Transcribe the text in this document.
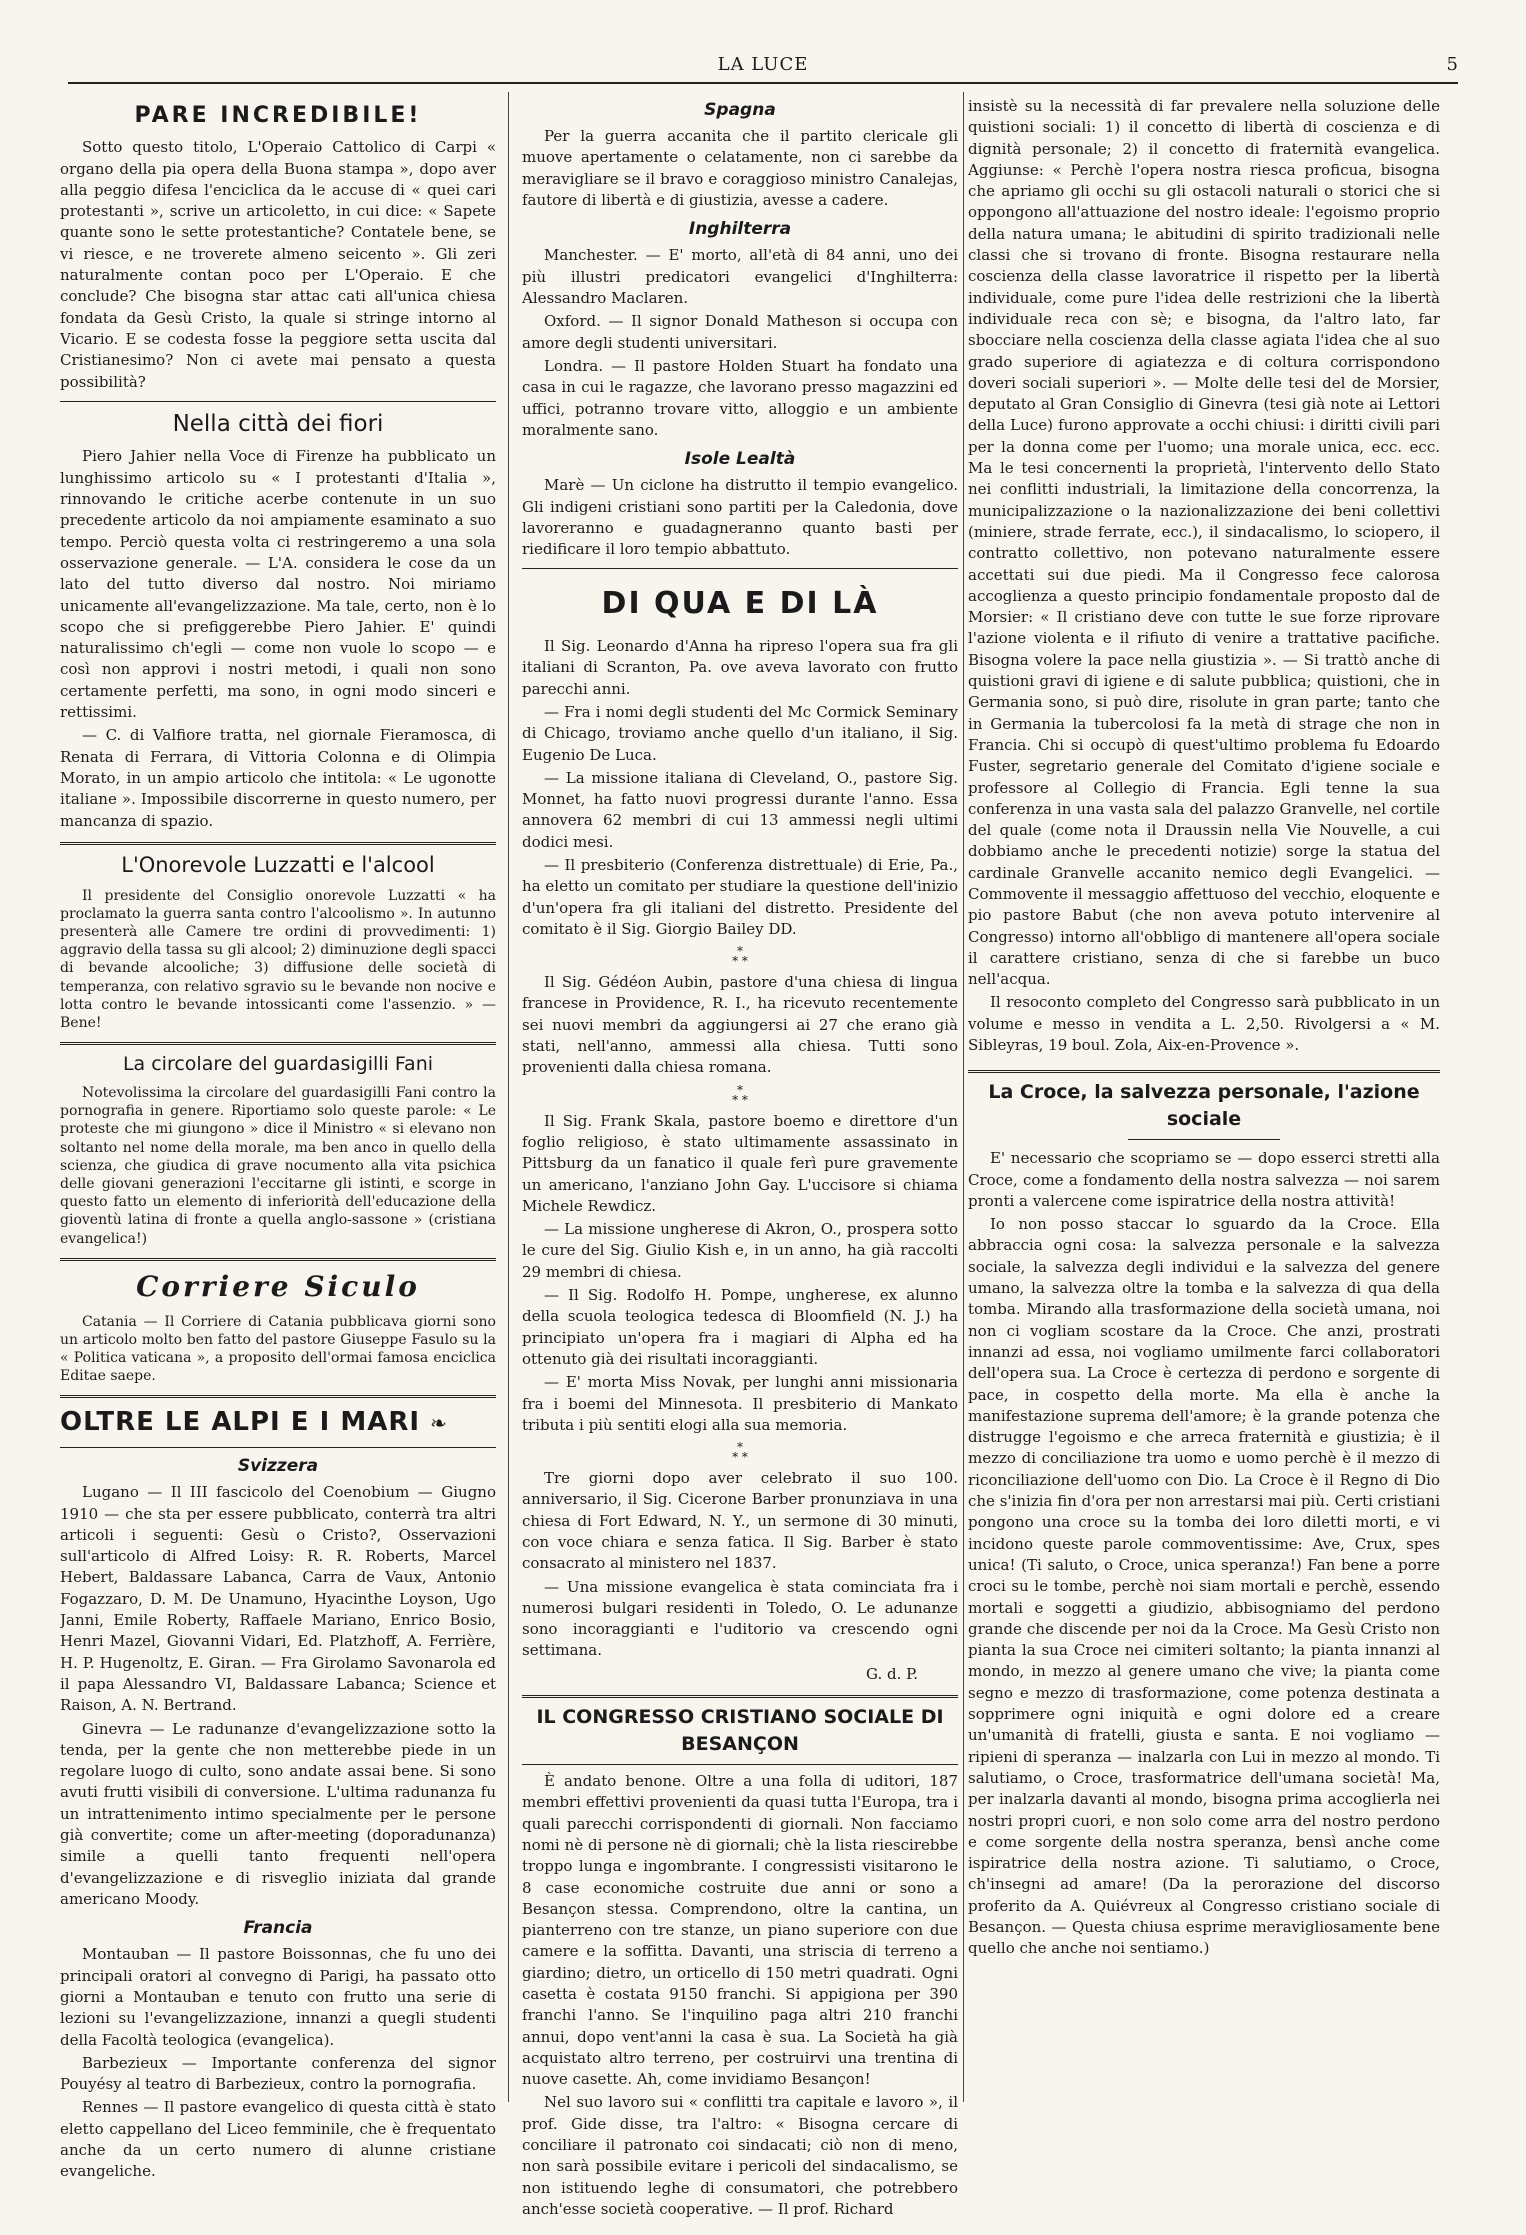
LA LUCE	5
PARE INCREDIBILE!

Sotto questo titolo, L'Operaio Cattolico di Carpi « organo della pia opera della Buona stampa », dopo aver alla peggio difesa l'enciclica da le accuse di « quei cari protestanti », scrive un articoletto, in cui dice: « Sapete quante sono le sette protestantiche? Contatele bene, se vi riesce, e ne troverete almeno seicento ». Gli zeri naturalmente contan poco per L'Operaio. E che conclude? Che bisogna star attac cati all'unica chiesa fondata da Gesù Cristo, la quale si stringe intorno al Vicario. E se codesta fosse la peggiore setta uscita dal Cristianesimo? Non ci avete mai pensato a questa possibilità?

Nella città dei fiori

Piero Jahier nella Voce di Firenze ha pubblicato un lunghissimo articolo su « I protestanti d'Italia », rinnovando le critiche acerbe contenute in un suo precedente articolo da noi ampiamente esaminato a suo tempo. Perciò questa volta ci restringeremo a una sola osservazione generale. — L'A. considera le cose da un lato del tutto diverso dal nostro. Noi miriamo unicamente all'evangelizzazione. Ma tale, certo, non è lo scopo che si prefiggerebbe Piero Jahier. E' quindi naturalissimo ch'egli — come non vuole lo scopo — e così non approvi i nostri metodi, i quali non sono certamente perfetti, ma sono, in ogni modo sinceri e rettissimi.

— C. di Valfiore tratta, nel giornale Fieramosca, di Renata di Ferrara, di Vittoria Colonna e di Olimpia Morato, in un ampio articolo che intitola: « Le ugonotte italiane ». Impossibile discorrerne in questo numero, per mancanza di spazio.

L'Onorevole Luzzatti e l'alcool

Il presidente del Consiglio onorevole Luzzatti « ha proclamato la guerra santa contro l'alcoolismo ». In autunno presenterà alle Camere tre ordini di provvedimenti: 1) aggravio della tassa su gli alcool; 2) diminuzione degli spacci di bevande alcooliche; 3) diffusione delle società di temperanza, con relativo sgravio su le bevande non nocive e lotta contro le bevande intossicanti come l'assenzio. » — Bene!

La circolare del guardasigilli Fani

Notevolissima la circolare del guardasigilli Fani contro la pornografia in genere. Riportiamo solo queste parole: « Le proteste che mi giungono » dice il Ministro « si elevano non soltanto nel nome della morale, ma ben anco in quello della scienza, che giudica di grave nocumento alla vita psichica delle giovani generazioni l'eccitarne gli istinti, e scorge in questo fatto un elemento di inferiorità dell'educazione della gioventù latina di fronte a quella anglo-sassone » (cristiana evangelica!)

Corriere Siculo

Catania — Il Corriere di Catania pubblicava giorni sono un articolo molto ben fatto del pastore Giuseppe Fasulo su la « Politica vaticana », a proposito dell'ormai famosa enciclica Editae saepe.

OLTRE LE ALPI E I MARI ❧
Svizzera

Lugano — Il III fascicolo del Coenobium — Giugno 1910 — che sta per essere pubblicato, conterrà tra altri articoli i seguenti: Gesù o Cristo?, Osservazioni sull'articolo di Alfred Loisy: R. R. Roberts, Marcel Hebert, Baldassare Labanca, Carra de Vaux, Antonio Fogazzaro, D. M. De Unamuno, Hyacinthe Loyson, Ugo Janni, Emile Roberty, Raffaele Mariano, Enrico Bosio, Henri Mazel, Giovanni Vidari, Ed. Platzhoff, A. Ferrière, H. P. Hugenoltz, E. Giran. — Fra Girolamo Savonarola ed il papa Alessandro VI, Baldassare Labanca; Science et Raison, A. N. Bertrand.

Ginevra — Le radunanze d'evangelizzazione sotto la tenda, per la gente che non metterebbe piede in un regolare luogo di culto, sono andate assai bene. Si sono avuti frutti visibili di conversione. L'ultima radunanza fu un intrattenimento intimo specialmente per le persone già convertite; come un after-meeting (doporadunanza) simile a quelli tanto frequenti nell'opera d'evangelizzazione e di risveglio iniziata dal grande americano Moody.

Francia

Montauban — Il pastore Boissonnas, che fu uno dei principali oratori al convegno di Parigi, ha passato otto giorni a Montauban e tenuto con frutto una serie di lezioni su l'evangelizzazione, innanzi a quegli studenti della Facoltà teologica (evangelica).

Barbezieux — Importante conferenza del signor Pouyésy al teatro di Barbezieux, contro la pornografia.

Rennes — Il pastore evangelico di questa città è stato eletto cappellano del Liceo femminile, che è frequentato anche da un certo numero di alunne cristiane evangeliche.

Spagna

Per la guerra accanita che il partito clericale gli muove apertamente o celatamente, non ci sarebbe da meravigliare se il bravo e coraggioso ministro Canalejas, fautore di libertà e di giustizia, avesse a cadere.

Inghilterra

Manchester. — E' morto, all'età di 84 anni, uno dei più illustri predicatori evangelici d'Inghilterra: Alessandro Maclaren.

Oxford. — Il signor Donald Matheson si occupa con amore degli studenti universitari.

Londra. — Il pastore Holden Stuart ha fondato una casa in cui le ragazze, che lavorano presso magazzini ed uffici, potranno trovare vitto, alloggio e un ambiente moralmente sano.

Isole Lealtà

Marè — Un ciclone ha distrutto il tempio evangelico. Gli indigeni cristiani sono partiti per la Caledonia, dove lavoreranno e guadagneranno quanto basti per riedificare il loro tempio abbattuto.

DI QUA E DI LÀ

Il Sig. Leonardo d'Anna ha ripreso l'opera sua fra gli italiani di Scranton, Pa. ove aveva lavorato con frutto parecchi anni.

— Fra i nomi degli studenti del Mc Cormick Seminary di Chicago, troviamo anche quello d'un italiano, il Sig. Eugenio De Luca.

— La missione italiana di Cleveland, O., pastore Sig. Monnet, ha fatto nuovi progressi durante l'anno. Essa annovera 62 membri di cui 13 ammessi negli ultimi dodici mesi.

— Il presbiterio (Conferenza distrettuale) di Erie, Pa., ha eletto un comitato per studiare la questione dell'inizio d'un'opera fra gli italiani del distretto. Presidente del comitato è il Sig. Giorgio Bailey DD.

*
* *

Il Sig. Gédéon Aubin, pastore d'una chiesa di lingua francese in Providence, R. I., ha ricevuto recentemente sei nuovi membri da aggiungersi ai 27 che erano già stati, nell'anno, ammessi alla chiesa. Tutti sono provenienti dalla chiesa romana.

*
* *

Il Sig. Frank Skala, pastore boemo e direttore d'un foglio religioso, è stato ultimamente assassinato in Pittsburg da un fanatico il quale ferì pure gravemente un americano, l'anziano John Gay. L'uccisore si chiama Michele Rewdicz.

— La missione ungherese di Akron, O., prospera sotto le cure del Sig. Giulio Kish e, in un anno, ha già raccolti 29 membri di chiesa.

— Il Sig. Rodolfo H. Pompe, ungherese, ex alunno della scuola teologica tedesca di Bloomfield (N. J.) ha principiato un'opera fra i magiari di Alpha ed ha ottenuto già dei risultati incoraggianti.

— E' morta Miss Novak, per lunghi anni missionaria fra i boemi del Minnesota. Il presbiterio di Mankato tributa i più sentiti elogi alla sua memoria.

*
* *

Tre giorni dopo aver celebrato il suo 100. anniversario, il Sig. Cicerone Barber pronunziava in una chiesa di Fort Edward, N. Y., un sermone di 30 minuti, con voce chiara e senza fatica. Il Sig. Barber è stato consacrato al ministero nel 1837.

— Una missione evangelica è stata cominciata fra i numerosi bulgari residenti in Toledo, O. Le adunanze sono incoraggianti e l'uditorio va crescendo ogni settimana.

G. d. P.
IL CONGRESSO CRISTIANO SOCIALE DI BESANÇON

È andato benone. Oltre a una folla di uditori, 187 membri effettivi provenienti da quasi tutta l'Europa, tra i quali parecchi corrispondenti di giornali. Non facciamo nomi nè di persone nè di giornali; chè la lista riescirebbe troppo lunga e ingombrante. I congressisti visitarono le 8 case economiche costruite due anni or sono a Besançon stessa. Comprendono, oltre la cantina, un pianterreno con tre stanze, un piano superiore con due camere e la soffitta. Davanti, una striscia di terreno a giardino; dietro, un orticello di 150 metri quadrati. Ogni casetta è costata 9150 franchi. Si appigiona per 390 franchi l'anno. Se l'inquilino paga altri 210 franchi annui, dopo vent'anni la casa è sua. La Società ha già acquistato altro terreno, per costruirvi una trentina di nuove casette. Ah, come invidiamo Besançon!

Nel suo lavoro sui « conflitti tra capitale e lavoro », il prof. Gide disse, tra l'altro: « Bisogna cercare di conciliare il patronato coi sindacati; ciò non di meno, non sarà possibile evitare i pericoli del sindacalismo, se non istituendo leghe di consumatori, che potrebbero anch'esse società cooperative. — Il prof. Richard

insistè su la necessità di far prevalere nella soluzione delle quistioni sociali: 1) il concetto di libertà di coscienza e di dignità personale; 2) il concetto di fraternità evangelica. Aggiunse: « Perchè l'opera nostra riesca proficua, bisogna che apriamo gli occhi su gli ostacoli naturali o storici che si oppongono all'attuazione del nostro ideale: l'egoismo proprio della natura umana; le abitudini di spirito tradizionali nelle classi che si trovano di fronte. Bisogna restaurare nella coscienza della classe lavoratrice il rispetto per la libertà individuale, come pure l'idea delle restrizioni che la libertà individuale reca con sè; e bisogna, da l'altro lato, far sbocciare nella coscienza della classe agiata l'idea che al suo grado superiore di agiatezza e di coltura corrispondono doveri sociali superiori ». — Molte delle tesi del de Morsier, deputato al Gran Consiglio di Ginevra (tesi già note ai Lettori della Luce) furono approvate a occhi chiusi: i diritti civili pari per la donna come per l'uomo; una morale unica, ecc. ecc. Ma le tesi concernenti la proprietà, l'intervento dello Stato nei conflitti industriali, la limitazione della concorrenza, la municipalizzazione o la nazionalizzazione dei beni collettivi (miniere, strade ferrate, ecc.), il sindacalismo, lo sciopero, il contratto collettivo, non potevano naturalmente essere accettati sui due piedi. Ma il Congresso fece calorosa accoglienza a questo principio fondamentale proposto dal de Morsier: « Il cristiano deve con tutte le sue forze riprovare l'azione violenta e il rifiuto di venire a trattative pacifiche. Bisogna volere la pace nella giustizia ». — Si trattò anche di quistioni gravi di igiene e di salute pubblica; quistioni, che in Germania sono, si può dire, risolute in gran parte; tanto che in Germania la tubercolosi fa la metà di strage che non in Francia. Chi si occupò di quest'ultimo problema fu Edoardo Fuster, segretario generale del Comitato d'igiene sociale e professore al Collegio di Francia. Egli tenne la sua conferenza in una vasta sala del palazzo Granvelle, nel cortile del quale (come nota il Draussin nella Vie Nouvelle, a cui dobbiamo anche le precedenti notizie) sorge la statua del cardinale Granvelle accanito nemico degli Evangelici. — Commovente il messaggio affettuoso del vecchio, eloquente e pio pastore Babut (che non aveva potuto intervenire al Congresso) intorno all'obbligo di mantenere all'opera sociale il carattere cristiano, senza di che si farebbe un buco nell'acqua.

Il resoconto completo del Congresso sarà pubblicato in un volume e messo in vendita a L. 2,50. Rivolgersi a « M. Sibleyras, 19 boul. Zola, Aix-en-Provence ».

La Croce, la salvezza personale, l'azione sociale

E' necessario che scopriamo se — dopo esserci stretti alla Croce, come a fondamento della nostra salvezza — noi sarem pronti a valercene come ispiratrice della nostra attività!

Io non posso staccar lo sguardo da la Croce. Ella abbraccia ogni cosa: la salvezza personale e la salvezza sociale, la salvezza degli individui e la salvezza del genere umano, la salvezza oltre la tomba e la salvezza di qua della tomba. Mirando alla trasformazione della società umana, noi non ci vogliam scostare da la Croce. Che anzi, prostrati innanzi ad essa, noi vogliamo umilmente farci collaboratori dell'opera sua. La Croce è certezza di perdono e sorgente di pace, in cospetto della morte. Ma ella è anche la manifestazione suprema dell'amore; è la grande potenza che distrugge l'egoismo e che arreca fraternità e giustizia; è il mezzo di conciliazione tra uomo e uomo perchè è il mezzo di riconciliazione dell'uomo con Dio. La Croce è il Regno di Dio che s'inizia fin d'ora per non arrestarsi mai più. Certi cristiani pongono una croce su la tomba dei loro diletti morti, e vi incidono queste parole commoventissime: Ave, Crux, spes unica! (Ti saluto, o Croce, unica speranza!) Fan bene a porre croci su le tombe, perchè noi siam mortali e perchè, essendo mortali e soggetti a giudizio, abbisogniamo del perdono grande che discende per noi da la Croce. Ma Gesù Cristo non pianta la sua Croce nei cimiteri soltanto; la pianta innanzi al mondo, in mezzo al genere umano che vive; la pianta come segno e mezzo di trasformazione, come potenza destinata a sopprimere ogni iniquità e ogni dolore ed a creare un'umanità di fratelli, giusta e santa. E noi vogliamo — ripieni di speranza — inalzarla con Lui in mezzo al mondo. Ti salutiamo, o Croce, trasformatrice dell'umana società! Ma, per inalzarla davanti al mondo, bisogna prima accoglierla nei nostri propri cuori, e non solo come arra del nostro perdono e come sorgente della nostra speranza, bensì anche come ispiratrice della nostra azione. Ti salutiamo, o Croce, ch'insegni ad amare! (Da la perorazione del discorso proferito da A. Quiévreux al Congresso cristiano sociale di Besançon. — Questa chiusa esprime meravigliosamente bene quello che anche noi sentiamo.)
